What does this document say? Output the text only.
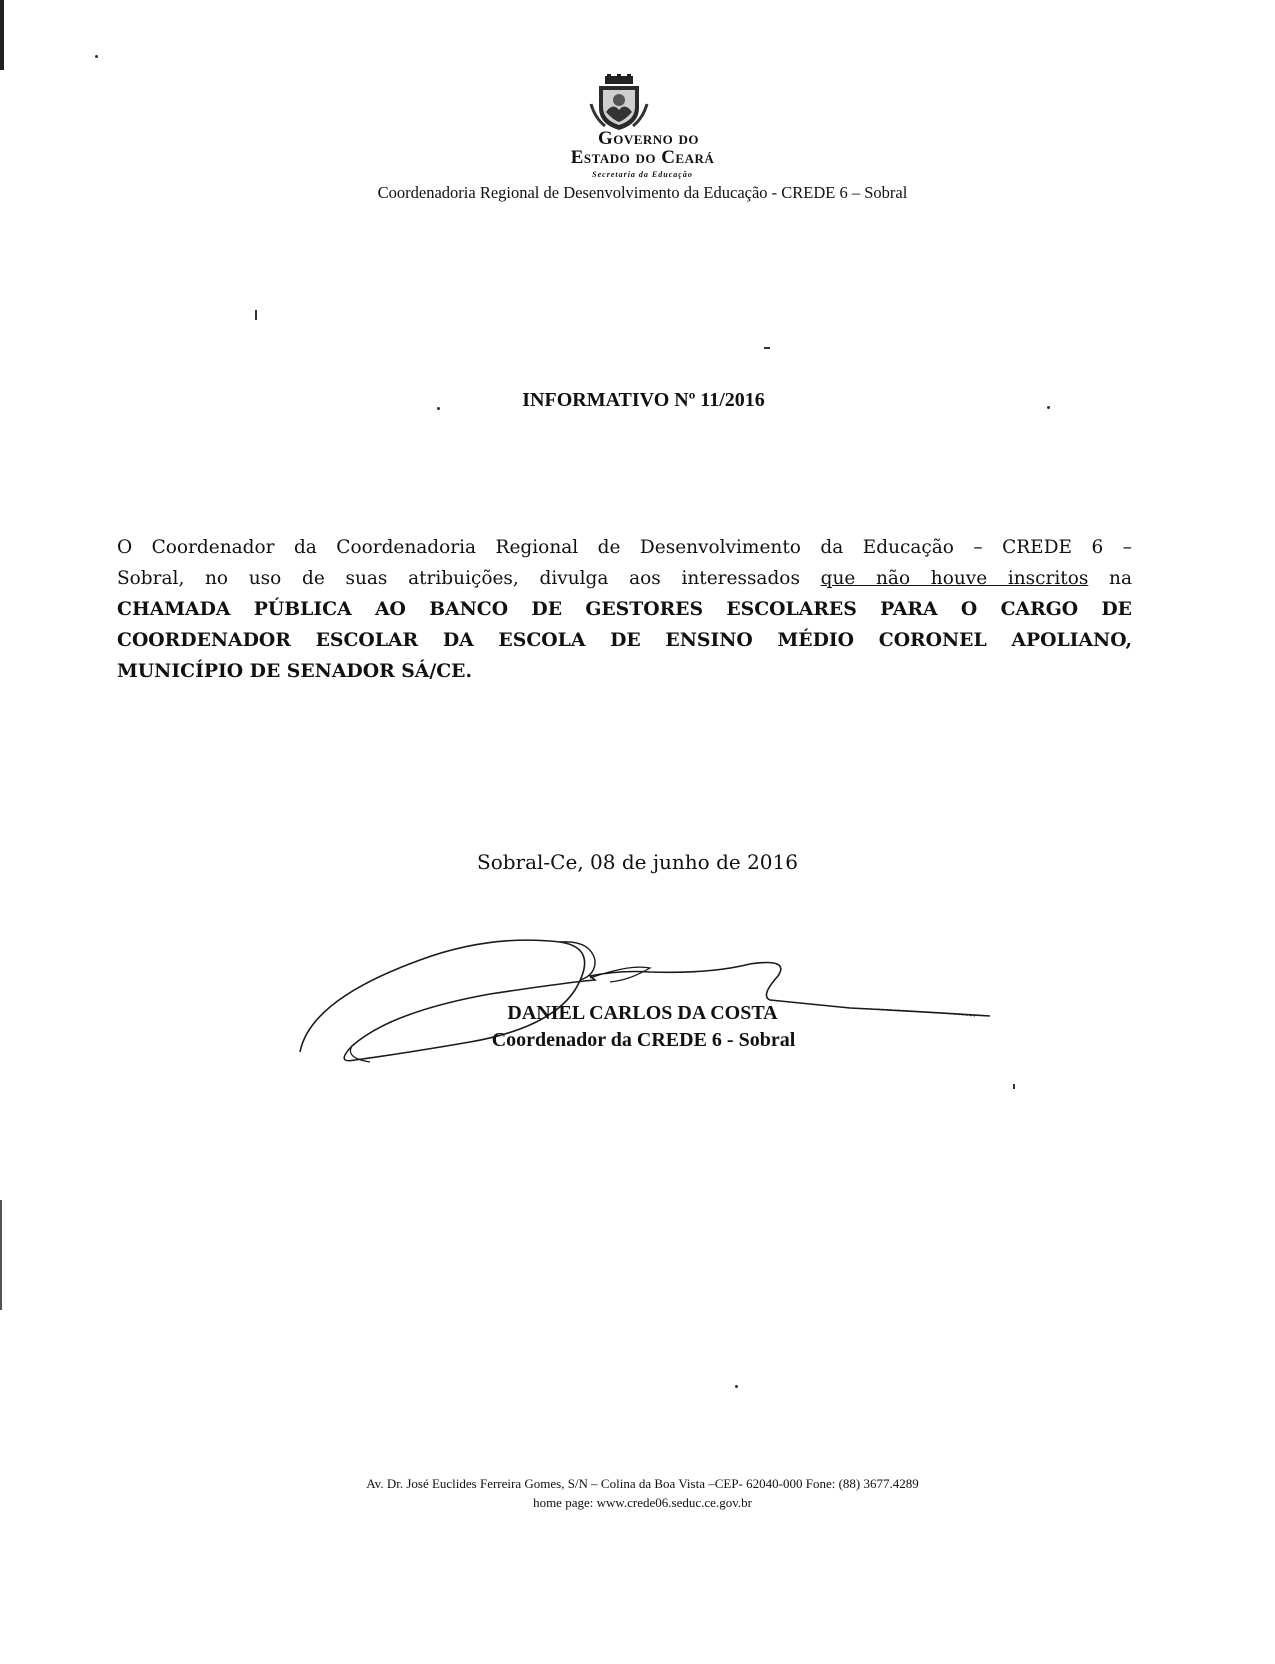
Governo do
Estado do Ceará
Secretaria da Educação
Coordenadoria Regional de Desenvolvimento da Educação - CREDE 6 – Sobral
INFORMATIVO Nº 11/2016
O Coordenador da Coordenadoria Regional de Desenvolvimento da Educação – CREDE 6 –
Sobral, no uso de suas atribuições, divulga aos interessados que não houve inscritos na
CHAMADA PÚBLICA AO BANCO DE GESTORES ESCOLARES PARA O CARGO DE
COORDENADOR ESCOLAR DA ESCOLA DE ENSINO MÉDIO CORONEL APOLIANO,
MUNICÍPIO DE SENADOR SÁ/CE.
Sobral-Ce, 08 de junho de 2016
DANIEL CARLOS DA COSTA
Coordenador da CREDE 6 - Sobral
Av. Dr. José Euclides Ferreira Gomes, S/N – Colina da Boa Vista –CEP- 62040-000 Fone: (88) 3677.4289
home page: www.crede06.seduc.ce.gov.br
